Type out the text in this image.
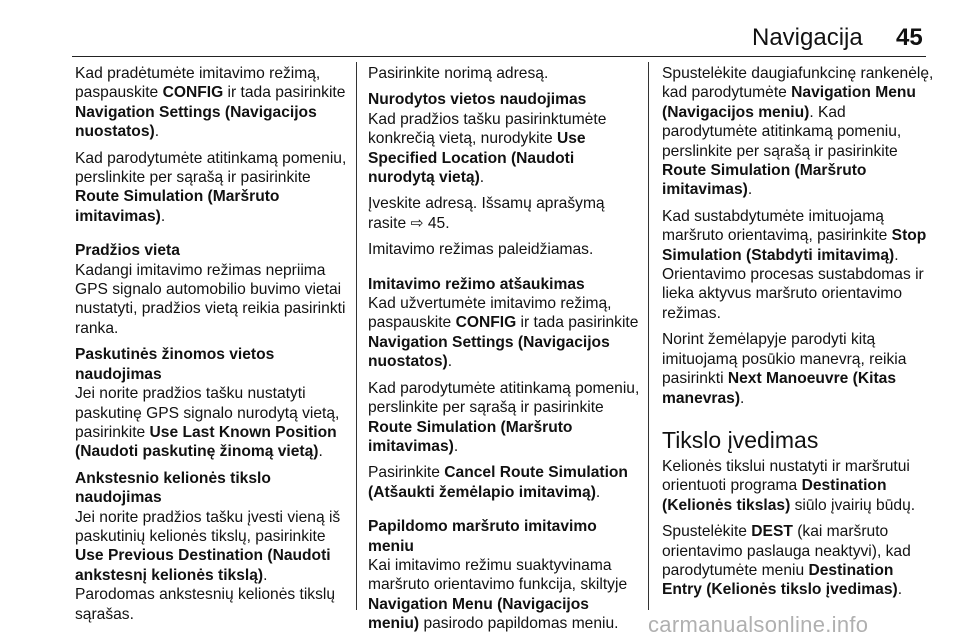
Navigacija 45

Kad pradėtumėte imitavimo režimą, paspauskite CONFIG ir tada pasirinkite Navigation Settings (Navigacijos nuostatos).

Kad parodytumėte atitinkamą pomeniu, perslinkite per sąrašą ir pasirinkite Route Simulation (Maršruto imitavimas).

Pradžios vieta

Kadangi imitavimo režimas nepriima GPS signalo automobilio buvimo vietai nustatyti, pradžios vietą reikia pasirinkti ranka.

Paskutinės žinomos vietos naudojimas

Jei norite pradžios tašku nustatyti paskutinę GPS signalo nurodytą vietą, pasirinkite Use Last Known Position (Naudoti paskutinę žinomą vietą).

Ankstesnio kelionės tikslo naudojimas

Jei norite pradžios tašku įvesti vieną iš paskutinių kelionės tikslų, pasirinkite Use Previous Destination (Naudoti ankstesnį kelionės tikslą). Parodomas ankstesnių kelionės tikslų sąrašas.

Pasirinkite norimą adresą.

Nurodytos vietos naudojimas

Kad pradžios tašku pasirinktumėte konkrečią vietą, nurodykite Use Specified Location (Naudoti nurodytą vietą).

Įveskite adresą. Išsamų aprašymą rasite ⇨ 45.

Imitavimo režimas paleidžiamas.

Imitavimo režimo atšaukimas

Kad užvertumėte imitavimo režimą, paspauskite CONFIG ir tada pasirinkite Navigation Settings (Navigacijos nuostatos).

Kad parodytumėte atitinkamą pomeniu, perslinkite per sąrašą ir pasirinkite Route Simulation (Maršruto imitavimas).

Pasirinkite Cancel Route Simulation (Atšaukti žemėlapio imitavimą).

Papildomo maršruto imitavimo meniu

Kai imitavimo režimu suaktyvinama maršruto orientavimo funkcija, skiltyje Navigation Menu (Navigacijos meniu) pasirodo papildomas meniu.

Spustelėkite daugiafunkcinę rankenėlę, kad parodytumėte Navigation Menu (Navigacijos meniu). Kad parodytumėte atitinkamą pomeniu, perslinkite per sąrašą ir pasirinkite Route Simulation (Maršruto imitavimas).

Kad sustabdytumėte imituojamą maršruto orientavimą, pasirinkite Stop Simulation (Stabdyti imitavimą). Orientavimo procesas sustabdomas ir lieka aktyvus maršruto orientavimo režimas.

Norint žemėlapyje parodyti kitą imituojamą posūkio manevrą, reikia pasirinkti Next Manoeuvre (Kitas manevras).

Tikslo įvedimas

Kelionės tikslui nustatyti ir maršrutui orientuoti programa Destination (Kelionės tikslas) siūlo įvairių būdų.

Spustelėkite DEST (kai maršruto orientavimo paslauga neaktyvi), kad parodytumėte meniu Destination Entry (Kelionės tikslo įvedimas).

carmanualsonline.info
